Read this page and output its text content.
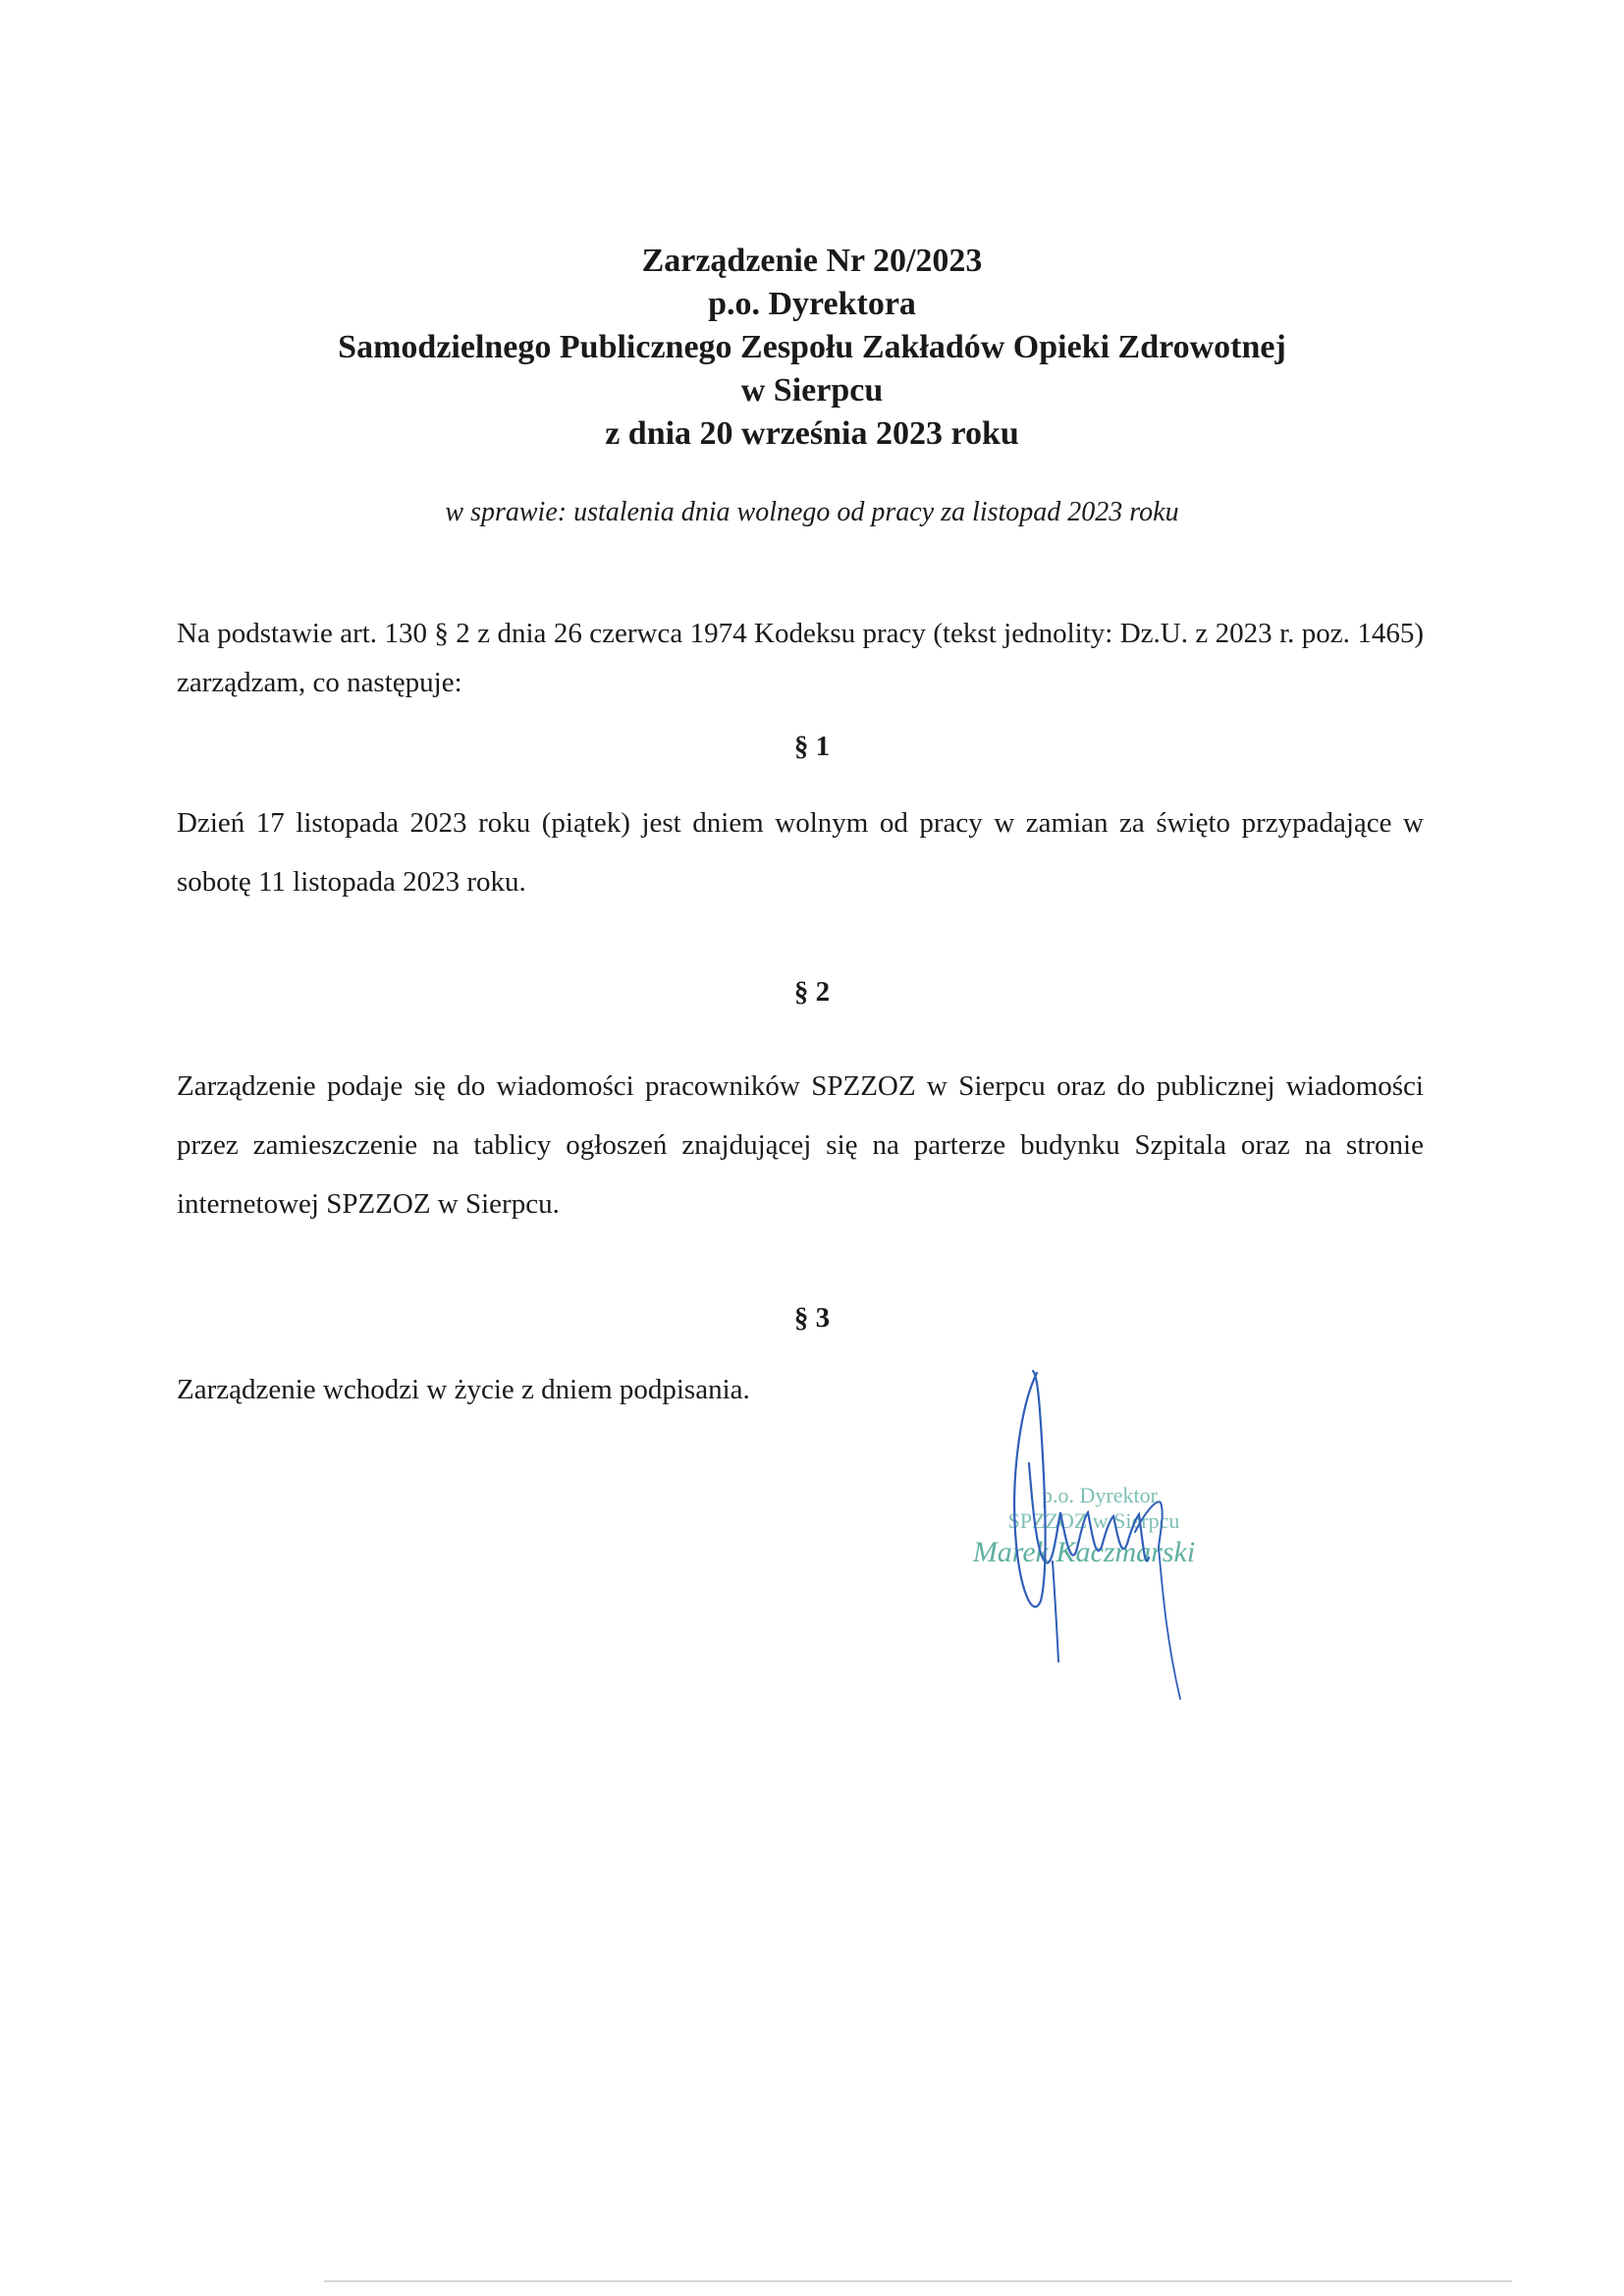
Zarządzenie Nr 20/2023
p.o. Dyrektora
Samodzielnego Publicznego Zespołu Zakładów Opieki Zdrowotnej
w Sierpcu
z dnia 20 września 2023 roku
w sprawie: ustalenia dnia wolnego od pracy za listopad 2023 roku
Na podstawie art. 130 § 2 z dnia 26 czerwca 1974 Kodeksu pracy (tekst jednolity: Dz.U. z 2023 r. poz. 1465) zarządzam, co następuje:
§ 1
Dzień 17 listopada 2023 roku (piątek) jest dniem wolnym od pracy w zamian za święto przypadające w sobotę 11 listopada 2023 roku.
§ 2
Zarządzenie podaje się do wiadomości pracowników SPZZOZ w Sierpcu oraz do publicznej wiadomości przez zamieszczenie na tablicy ogłoszeń znajdującej się na parterze budynku Szpitala oraz na stronie internetowej SPZZOZ w Sierpcu.
§ 3
Zarządzenie wchodzi w życie z dniem podpisania.
p.o. Dyrektor
SPZZOZ w Sierpcu
Marek Kaczmarski
